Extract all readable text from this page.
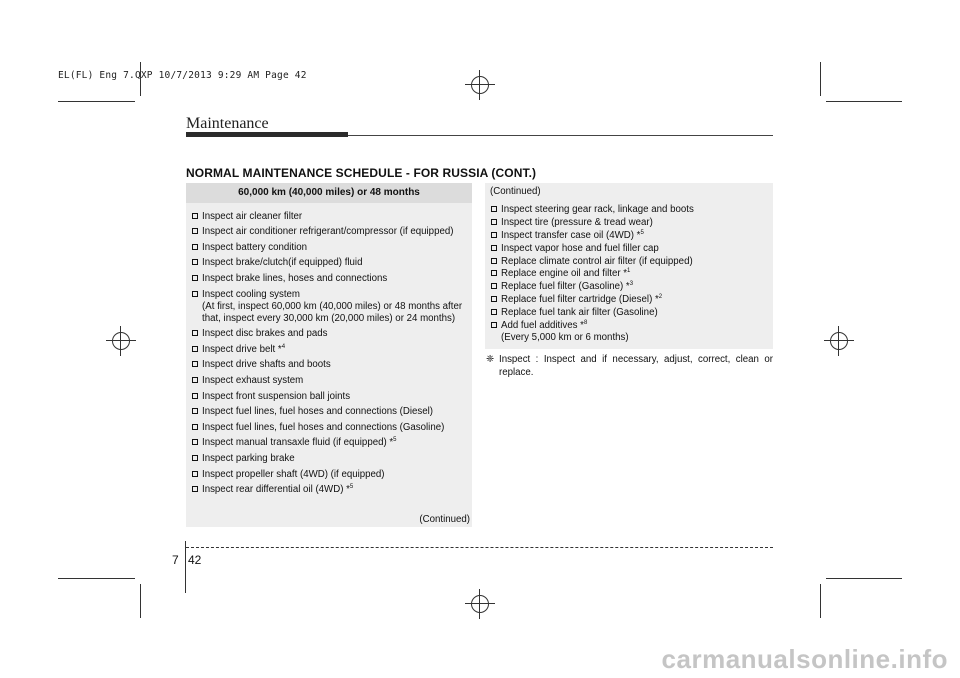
EL(FL) Eng 7.QXP 10/7/2013 9:29 AM Page 42
Maintenance
NORMAL MAINTENANCE SCHEDULE - FOR RUSSIA (CONT.)
60,000 km (40,000 miles) or 48 months
Inspect air cleaner filter
Inspect air conditioner refrigerant/compressor (if equipped)
Inspect battery condition
Inspect brake/clutch(if equipped) fluid
Inspect brake lines, hoses and connections
Inspect cooling system
(At first, inspect 60,000 km (40,000 miles) or 48 months after that, inspect every 30,000 km (20,000 miles) or 24 months)
Inspect disc brakes and pads
Inspect drive belt *$^4$
Inspect drive shafts and boots
Inspect exhaust system
Inspect front suspension ball joints
Inspect fuel lines, fuel hoses and connections (Diesel)
Inspect fuel lines, fuel hoses and connections (Gasoline)
Inspect manual transaxle fluid (if equipped) *$^5$
Inspect parking brake
Inspect propeller shaft (4WD) (if equipped)
Inspect rear differential oil (4WD) *$^5$
(Continued)
(Continued)
Inspect steering gear rack, linkage and boots
Inspect tire (pressure & tread wear)
Inspect transfer case oil (4WD) *$^5$
Inspect vapor hose and fuel filler cap
Replace climate control air filter (if equipped)
Replace engine oil and filter *$^1$
Replace fuel filter (Gasoline) *$^3$
Replace fuel filter cartridge (Diesel) *$^2$
Replace fuel tank air filter (Gasoline)
Add fuel additives *$^8$
(Every 5,000 km or 6 months)
❈ Inspect : Inspect and if necessary, adjust, correct, clean or replace.
7 42
carmanualsonline.info
